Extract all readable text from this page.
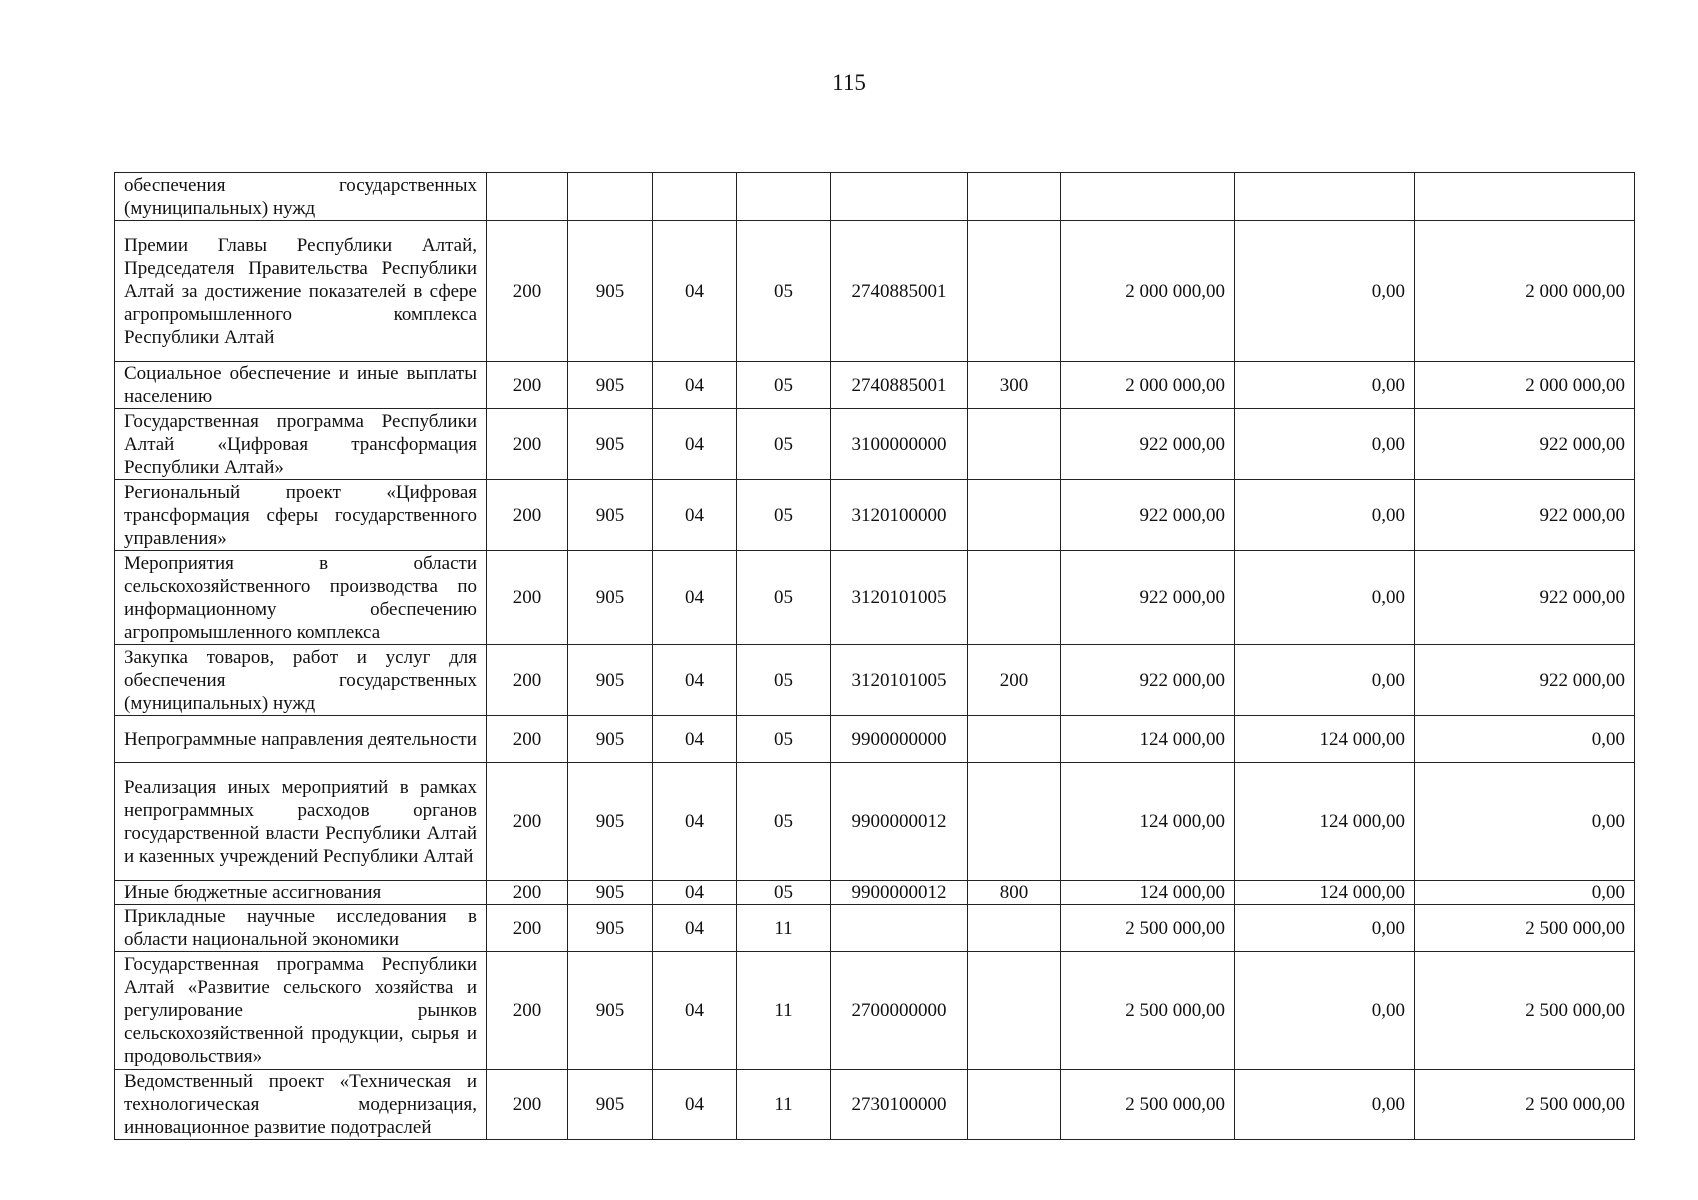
115
обеспечения государственных (муниципальных) нужд									
Премии Главы Республики Алтай, Председателя Правительства Республики Алтай за достижение показателей в сфере агропромышленного комплекса Республики Алтай	200	905	04	05	2740885001		2 000 000,00	0,00	2 000 000,00
Социальное обеспечение и иные выплаты населению	200	905	04	05	2740885001	300	2 000 000,00	0,00	2 000 000,00
Государственная программа Республики Алтай «Цифровая трансформация Республики Алтай»	200	905	04	05	3100000000		922 000,00	0,00	922 000,00
Региональный проект «Цифровая трансформация сферы государственного управления»	200	905	04	05	3120100000		922 000,00	0,00	922 000,00
Мероприятия в области сельскохозяйственного производства по информационному обеспечению агропромышленного комплекса	200	905	04	05	3120101005		922 000,00	0,00	922 000,00
Закупка товаров, работ и услуг для обеспечения государственных (муниципальных) нужд	200	905	04	05	3120101005	200	922 000,00	0,00	922 000,00
Непрограммные направления деятельности	200	905	04	05	9900000000		124 000,00	124 000,00	0,00
Реализация иных мероприятий в рамках непрограммных расходов органов государственной власти Республики Алтай и казенных учреждений Республики Алтай	200	905	04	05	9900000012		124 000,00	124 000,00	0,00
Иные бюджетные ассигнования	200	905	04	05	9900000012	800	124 000,00	124 000,00	0,00
Прикладные научные исследования в области национальной экономики	200	905	04	11			2 500 000,00	0,00	2 500 000,00
Государственная программа Республики Алтай «Развитие сельского хозяйства и регулирование рынков сельскохозяйственной продукции, сырья и продовольствия»	200	905	04	11	2700000000		2 500 000,00	0,00	2 500 000,00
Ведомственный проект «Техническая и технологическая модернизация, инновационное развитие подотраслей	200	905	04	11	2730100000		2 500 000,00	0,00	2 500 000,00
